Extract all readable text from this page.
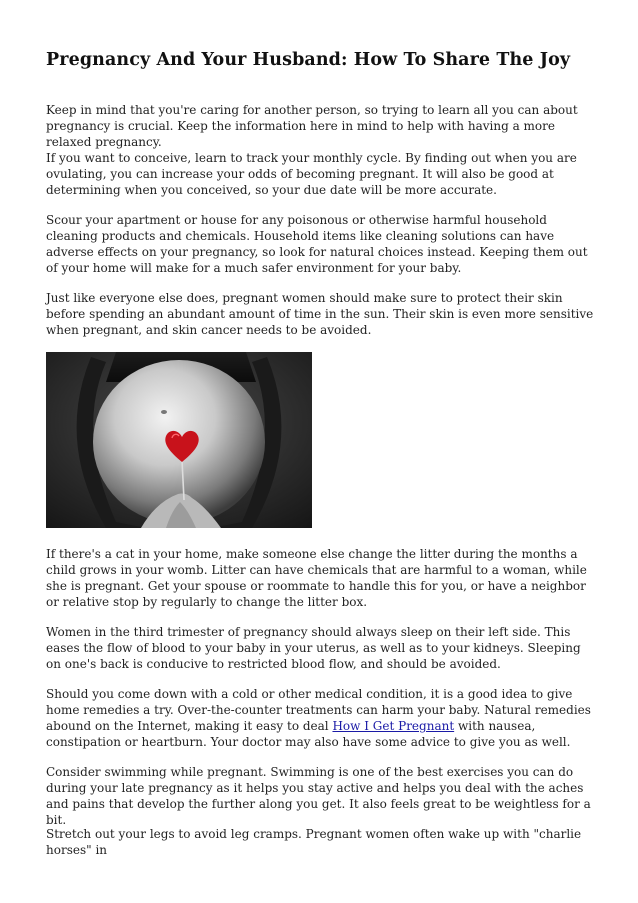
Pregnancy And Your Husband: How To Share The Joy

Keep in mind that you're caring for another person, so trying to learn all you can about pregnancy is crucial. Keep the information here in mind to help with having a more relaxed pregnancy.

If you want to conceive, learn to track your monthly cycle. By finding out when you are ovulating, you can increase your odds of becoming pregnant. It will also be good at determining when you conceived, so your due date will be more accurate.

Scour your apartment or house for any poisonous or otherwise harmful household cleaning products and chemicals. Household items like cleaning solutions can have adverse effects on your pregnancy, so look for natural choices instead. Keeping them out of your home will make for a much safer environment for your baby.

Just like everyone else does, pregnant women should make sure to protect their skin before spending an abundant amount of time in the sun. Their skin is even more sensitive when pregnant, and skin cancer needs to be avoided.

If there's a cat in your home, make someone else change the litter during the months a child grows in your womb. Litter can have chemicals that are harmful to a woman, while she is pregnant. Get your spouse or roommate to handle this for you, or have a neighbor or relative stop by regularly to change the litter box.

Women in the third trimester of pregnancy should always sleep on their left side. This eases the flow of blood to your baby in your uterus, as well as to your kidneys. Sleeping on one's back is conducive to restricted blood flow, and should be avoided.

Should you come down with a cold or other medical condition, it is a good idea to give home remedies a try. Over-the-counter treatments can harm your baby. Natural remedies abound on the Internet, making it easy to deal How I Get Pregnant with nausea, constipation or heartburn. Your doctor may also have some advice to give you as well.

Consider swimming while pregnant. Swimming is one of the best exercises you can do during your late pregnancy as it helps you stay active and helps you deal with the aches and pains that develop the further along you get. It also feels great to be weightless for a bit.

Stretch out your legs to avoid leg cramps. Pregnant women often wake up with "charlie horses" in
